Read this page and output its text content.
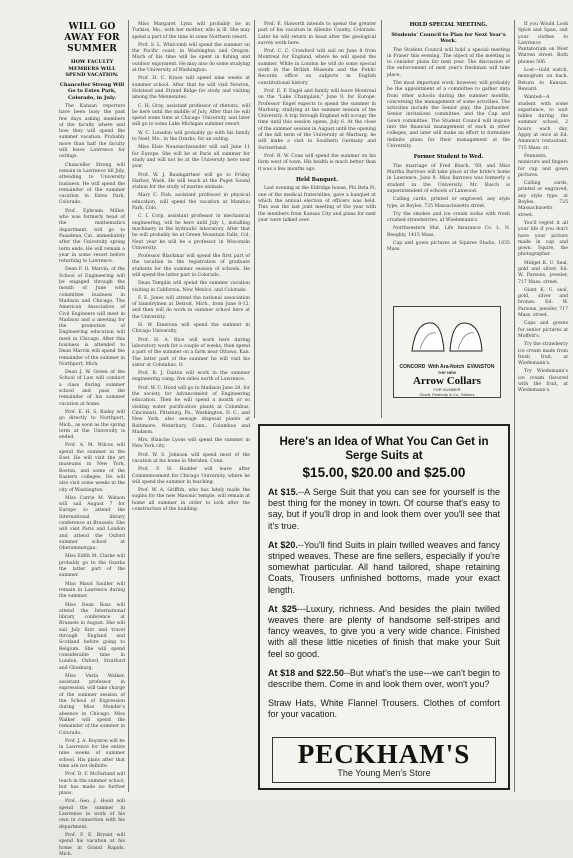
WILL GO AWAY FOR SUMMER
HOW FACULTY MEMBERS WILL SPEND VACATION.
Chancellor Strong Will Go to Estes Park, Colorado, in July.

The Kansan reporters have been busy the past few days asking members of the faculty where and how they will spend the summer vacation. Probably more than half the faculty will leave Lawrence for outings.

Chancellor Strong will remain in Lawrence till July, attending to University business. He will spend the remainder of the summer vacation in Estes Park, Colorado.

Prof. Ephraim Miller, who was formerly head of the mathematics department, will go to Pasadena, Cal., immediately after the University spring term ends. He will remain a year in some resort before returning to Lawrence.

Dean F. O. Marvin, of the School of Engineering will be engaged through the month of June with committee business in Madison and Chicago. The American Association of Civil Engineers will meet in Madison and a meeting for the promotion of Engineering education will meet in Chicago. After this business is attended to Dean Marvin will spend the remainder of the summer in Northport, Mich.

Dean J. W. Green of the School of Law will conduct a class during summer school and pass the remainder of his summer vacation at home.

Prof. E. H. S. Bailey will go directly to Northport, Mich., as soon as the spring term at the University is ended.

Prof. A. M. Wilcox will spend the summer in the East. He will visit the art museums in New York, Boston, and some of the Eastern colleges. He will also visit some weeks in the city of Washington.

Miss Carrie M. Watson will sail August 7 for Europe to attend the International library conference at Brussels. She will visit Paris and London and attend the Oxford summer school at Oberammergau.

Miss Edith M. Clarke will probably go to the Ozarks the latter part of the summer.

Miss Maud Saulter will remain in Lawrence during the summer.

Miss Dean Ross will attend the International library conference at Brussels in August. She will sail July first and travel through England and Scotland before going to Belgium. She will spend considerable time in London, Oxford, Stratford and Glissburg.

Miss Vesta Walker, assistant professor in expression, will take charge of the summer session of the School of Expression during Miss Monder's absence in Chicago. Miss Walker will spend the remainder of the summer in Colorado.

Prof. J. A. Boynton will be in Lawrence for the entire nine weeks of summer school. His plans after that time are not definite.

Prof. D. F. McFarland will teach in the summer school, but has made no further plans.

Prof. Geo. J. Hood will spend the summer in Lawrence in work of his own in connection with his department.

Prof. F. E. Bryant will spend his vacation at his home in Grand Rapids, Mich.

Miss Margaret Lynn will probably be in Turkiss, Mo., with her mother, who is ill. She may spend a part of the time in some Northern resort.

Prof. S. L. Whitcomb will spend the summer on the Pacific coast, in Washington and Oregon. Much of his time will be spent in fishing and outdoor enjoyment. He may also do some studying at the University of Washington.

Prof. H. C. Kruse will spend nine weeks at summer school. After that he will visit Newton, Holstead and Strand Ridge for study and visiting among the Mennonites.

C. H. Gray, assistant professor of rhetoric, will be here until the middle of July. After that he will spend some time at Chicago University and later will go to some Lake Michigan summer resort.

W. C. Lonsdon will probably go with his family to Neel, Mo., in the Ozarks, for an outing.

Miss Elsie Neuenschwander will sail June 11 for Europe. She will be at Paris all summer for study and will not be at the University here next year.

Prof. W. J. Baumgartner will go to Friday Harbor, Wash. He will teach at the Puget Sound station for the study of marine animals.

Mary C. Fish, assistant professor in physical education, will spend the vacation at Manitou Park, Colo.

C. I. Corp, assistant professor in mechanical engineering, will be here until July 1, installing machinery in the hydraulic laboratory. After that he will probably be at Green Mountain Falls, Col. Next year he will be a professor in Wisconsin University.

Professor Blackmar will spend the first part of the vacation in the registration of graduate students for the summer session of schools. He will spend the latter part in Colorado.

Dean Templin will spend the summer vacation visiting in California, New Mexico, and Colorado.

F. E. Jones will attend the national association of laundrymen at Detroit, Mich., from June 8-12, and then will do work in summer school here at the University.

H. W. Emerson will spend the summer in Chicago University.

Prof. H. A. Rice will work here during laboratory work for a couple of weeks, then spend a part of the summer on a farm near Ottawa, Kan. The latter part of the summer he will visit his sister at Columbus, O.

Prof. B. J. Dalton will work in the summer engineering camp, five miles north of Lawrence.

Prof. W. C. Hood will go to Madison June 28, for the society for Advancement of Engineering education. Then he will spend a month or so visiting water purification plants at Columbus, Cincinnati, Pittsburg, Pa., Washington, D. C., and New York, also sewage disposal plants at Baltimore, Waterbury, Conn., Columbus and Madison.

Mrs. Blanche Lyons will spend the summer in New York city.

Prof. W. S. Johnson will spend most of the vacation at his home in Meriden, Conn.

Prof. F. H. Hodder will leave after Commencement for Chicago University, where he will spend the summer in teaching.

Prof. W. A. Griffith, who has lately made the sugins for the new Masonic temple, will remain at home all summer in order to look after the construction of the building.

Prof. E. Haworth intends to spend the greater part of his vacation in Allenite County, Colorado. Later he will return to head after the geological survey work here.

Prof. C. C. Crawford will sail on June 8 from Montreal for England, where he will spend the summer. While in London he will do some special work in the British Museum and the Public Records office on subjects in English constitutional history.

Prof. E. F. Engel and family will leave Montreal on the "Lake Champlain," June 9, for Europe. Professor Engel expects to spend the summer in Marburg, studying at the summer session of the University. A trip through England will occupy the time until this session opens, July 6. At the close of the summer session in August until the opening of the fall term of the University at Marburg, he will make a visit in Southern Germany and Switzerland.

Prof. R. W. Cone will spend the summer on his farm west of town. His health is much better than it was a few months ago.

Held Banquet.

Last evening at the Eldridge house, Phi Beta Pi, one of the medical fraternities, gave a banquet at which the annual election of officers was held. This was the last joint meeting of the year with the members from Kansas City and plans for next year were talked over.

HOLD SPECIAL MEETING.
Students' Council to Plan for Next Year's Work.

The Student Council will hold a special meeting in Fraser this evening. The object of the meeting is to consider plans for next year. The discussion of the enforcement of next year's freshman will take place.

The most important work, however, will probably be the appointment of a committee to gather data from other schools during the summer months, concerning the management of some activities. The activities include the Senior play, the Jayhawker, Senior invitations committee, and the Cap and Gown committee. The Student Council will inquire into the financial management of each in other colleges, and later will make an effort to formulate definite plans for their management at the University.

Former Student to Wed.

The marriage of Fred Busch, '09, and Miss Martha Barrows will take place at the bride's home in Lawrence, June 9. Miss Barrows was formerly a student in the University. Mr. Busch is superintendent of schools of Lanwood.

Calling cards, printed or engraved, any style type, at Boyles, 725 Massachusetts street.

Try the smokes and ice cream sodas with fresh crushed strawberries, at Wiedemann's.

Northwestern Mut. Life Insurance Co. L. N. Beeghly, 1415 Mass.

Cap and gown pictures at Squires Studio, 1035 Mass.

CONCORD With Ara-Notch EVANSTON
THE NEW
Arrow Collars
FOR SUMMER
Cluett, Peabody & Co., Makers

If you Would Look Spick and Span, suit your clothes to Lawrence Pantatorium on West Warren street. Both phones 506.

Lost—Gold watch, monogram on back. Return to Kansan. Reward.

Wanted—A student with some experience, to wait tables during the summer school, 2 hours each day. Apply at once at Ed. Ammon's restaurant, 715 Mass. st.

Pennants, manicure and fingers for cap and gown pictures.

Calling cards, printed or engraved, any style type, at Boyles, 725 Massachusetts street.

You'll regret it all your life if you don't have your picture made in cap and gown. Squire, the photographer.

Midget K. U. Seal, gold and silver. Ed. W. Parsons, jeweler, 717 Mass. street.

Giant K. U. seal, gold, silver and bronze. Ed. W. Parsons, jeweler, 717 Mass. street.

Caps and gowns for senior pictures at Moffett's.

Try the strawberry ice cream made from fresh fruit, at Wiedemann's.

Try Wiedemann's ice cream flavored with the fruit, at Wiedemann's.

Here's an Idea of What You Can Get in Serge Suits at
$15.00, $20.00 and $25.00
At $15.--A Serge Suit that you can see for yourself is the best thing for the money in town. Of course that's easy to say, but if you'll drop in and look them over you'll see that it's true.
At $20.--You'll find Suits in plain twilled weaves and fancy striped weaves. These are fine sellers, especially if you're somewhat particular. All hand tailored, shape retaining Coats, Trousers unfinished bottoms, made your exact length.
At $25---Luxury, richness. And besides the plain twilled weaves there are plenty of handsome self-stripes and fancy weaves, to give you a very wide chance. Finished with all these little niceties of finish that make your Suit feel so good.
At $18 and $22.50--But what's the use---we can't begin to describe them. Come in and look them over, won't you?
Straw Hats, White Flannel Trousers. Clothes of comfort for your vacation.
PECKHAM'S
The Young Men's Store
